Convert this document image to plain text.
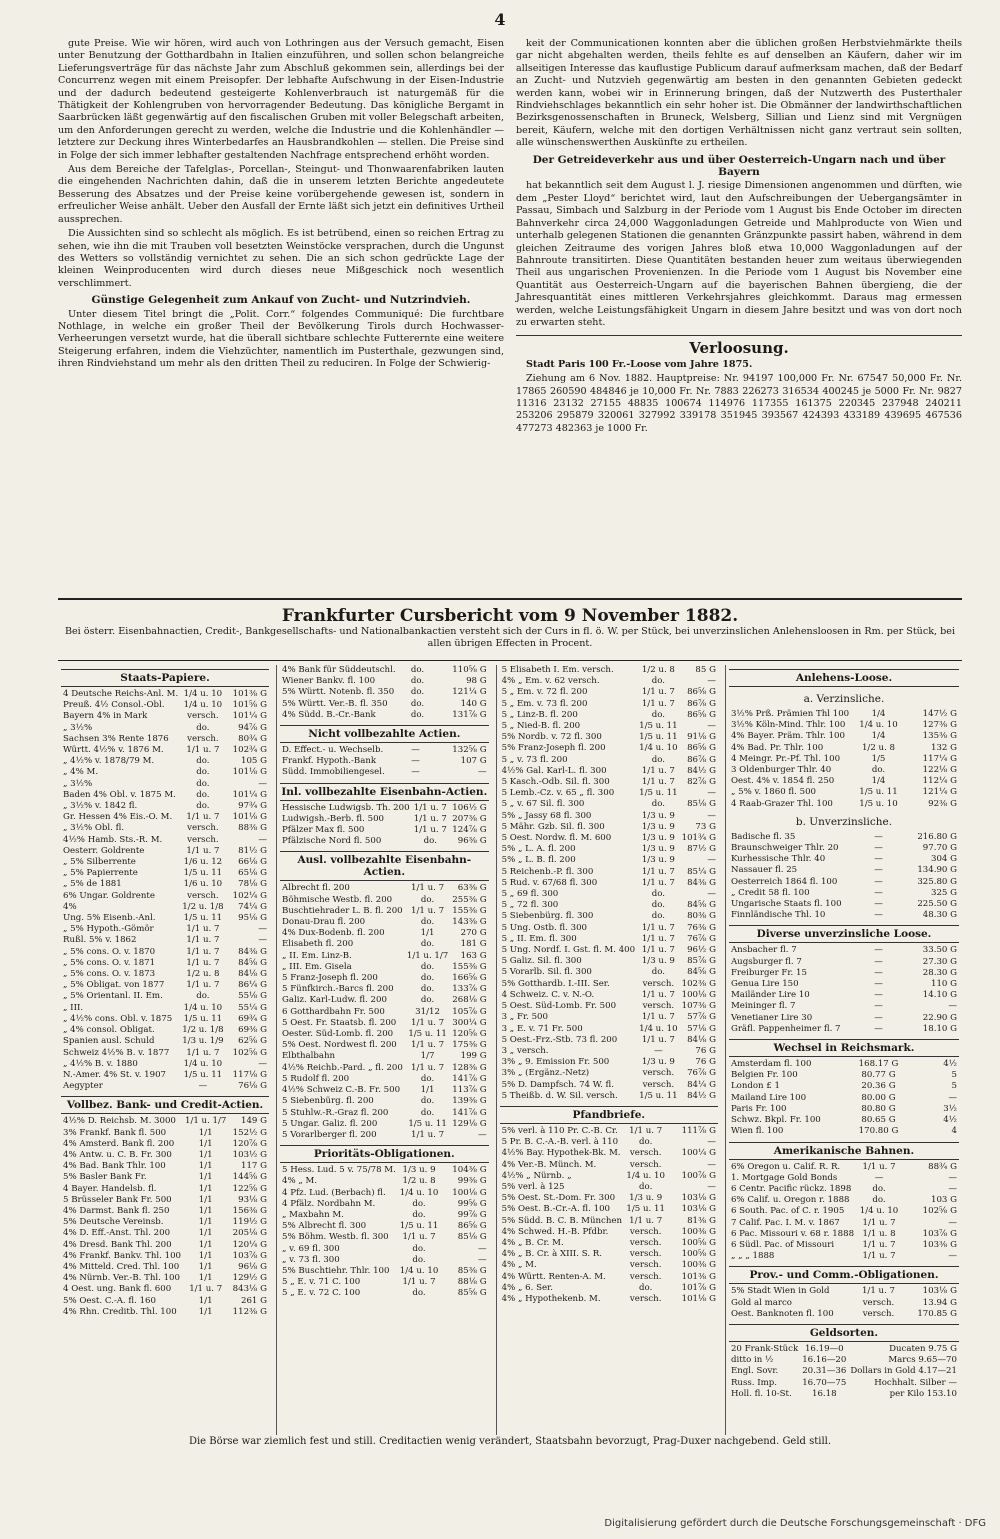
4

gute Preise. Wie wir hören, wird auch von Lothringen aus der Versuch gemacht, Eisen unter Benutzung der Gotthardbahn in Italien einzuführen, und sollen schon belangreiche Lieferungsverträge für das nächste Jahr zum Abschluß gekommen sein, allerdings bei der Concurrenz wegen mit einem Preisopfer. Der lebhafte Aufschwung in der Eisen-Industrie und der dadurch bedeutend gesteigerte Kohlenverbrauch ist naturgemäß für die Thätigkeit der Kohlengruben von hervorragender Bedeutung. Das königliche Bergamt in Saarbrücken läßt gegenwärtig auf den fiscalischen Gruben mit voller Belegschaft arbeiten, um den Anforderungen gerecht zu werden, welche die Industrie und die Kohlenhändler — letztere zur Deckung ihres Winterbedarfes an Hausbrandkohlen — stellen. Die Preise sind in Folge der sich immer lebhafter gestaltenden Nachfrage entsprechend erhöht worden.

Aus dem Bereiche der Tafelglas-, Porcellan-, Steingut- und Thonwaarenfabriken lauten die eingehenden Nachrichten dahin, daß die in unserem letzten Berichte angedeutete Besserung des Absatzes und der Preise keine vorübergehende gewesen ist, sondern in erfreulicher Weise anhält. Ueber den Ausfall der Ernte läßt sich jetzt ein definitives Urtheil aussprechen.

Die Aussichten sind so schlecht als möglich. Es ist betrübend, einen so reichen Ertrag zu sehen, wie ihn die mit Trauben voll besetzten Weinstöcke versprachen, durch die Ungunst des Wetters so vollständig vernichtet zu sehen. Die an sich schon gedrückte Lage der kleinen Weinproducenten wird durch dieses neue Mißgeschick noch wesentlich verschlimmert.

Günstige Gelegenheit zum Ankauf von Zucht- und Nutzrindvieh.

Unter diesem Titel bringt die „Polit. Corr.“ folgendes Communiqué: Die furchtbare Nothlage, in welche ein großer Theil der Bevölkerung Tirols durch Hochwasser-Verheerungen versetzt wurde, hat die überall sichtbare schlechte Futterernte eine weitere Steigerung erfahren, indem die Viehzüchter, namentlich im Pusterthale, gezwungen sind, ihren Rindviehstand um mehr als den dritten Theil zu reduciren. In Folge der Schwierig-

keit der Communicationen konnten aber die üblichen großen Herbstviehmärkte theils gar nicht abgehalten werden, theils fehlte es auf denselben an Käufern, daher wir im allseitigen Interesse das kauflustige Publicum darauf aufmerksam machen, daß der Bedarf an Zucht- und Nutzvieh gegenwärtig am besten in den genannten Gebieten gedeckt werden kann, wobei wir in Erinnerung bringen, daß der Nutzwerth des Pusterthaler Rindviehschlages bekanntlich ein sehr hoher ist. Die Obmänner der landwirthschaftlichen Bezirksgenossenschaften in Bruneck, Welsberg, Sillian und Lienz sind mit Vergnügen bereit, Käufern, welche mit den dortigen Verhältnissen nicht ganz vertraut sein sollten, alle wünschenswerthen Auskünfte zu ertheilen.

Der Getreideverkehr aus und über Oesterreich-Ungarn nach und über Bayern

hat bekanntlich seit dem August l. J. riesige Dimensionen angenommen und dürften, wie dem „Pester Lloyd“ berichtet wird, laut den Aufschreibungen der Uebergangsämter in Passau, Simbach und Salzburg in der Periode vom 1 August bis Ende October im directen Bahnverkehr circa 24,000 Waggonladungen Getreide und Mahlproducte von Wien und unterhalb gelegenen Stationen die genannten Gränzpunkte passirt haben, während in dem gleichen Zeitraume des vorigen Jahres bloß etwa 10,000 Waggonladungen auf der Bahnroute transitirten. Diese Quantitäten bestanden heuer zum weitaus überwiegenden Theil aus ungarischen Provenienzen. In die Periode vom 1 August bis November eine Quantität aus Oesterreich-Ungarn auf die bayerischen Bahnen übergieng, die der Jahresquantität eines mittleren Verkehrsjahres gleichkommt. Daraus mag ermessen werden, welche Leistungsfähigkeit Ungarn in diesem Jahre besitzt und was von dort noch zu erwarten steht.

Verloosung.

Stadt Paris 100 Fr.-Loose vom Jahre 1875.

Ziehung am 6 Nov. 1882. Hauptpreise: Nr. 94197 100,000 Fr. Nr. 67547 50,000 Fr. Nr. 17865 260590 484846 je 10,000 Fr. Nr. 7883 226273 316534 400245 je 5000 Fr. Nr. 9827 11316 23132 27155 48835 100674 114976 117355 161375 220345 237948 240211 253206 295879 320061 327992 339178 351945 393567 424393 433189 439695 467536 477273 482363 je 1000 Fr.

Frankfurter Cursbericht vom 9 November 1882.
Bei österr. Eisenbahnactien, Credit-, Bankgesellschafts- und Nationalbankactien versteht sich der Curs in fl. ö. W. per Stück, bei unverzinslichen Anlehensloosen in Rm. per Stück, bei allen übrigen Effecten in Procent.
Staats-Papiere.
4 Deutsche Reichs-Anl. M.	1/4 u. 10	101⅜ G
Preuß. 4½ Consol.-Obl.	1/4 u. 10	101⅝ G
Bayern 4% in Mark	versch.	101¼ G
„ 3½%	do.	94⅞ G
Sachsen 3% Rente 1876	versch.	80¾ G
Württ. 4½% v. 1876 M.	1/1 u. 7	102¾ G
„ 4½% v. 1878/79 M.	do.	105 G
„ 4% M.	do.	101⅛ G
„ 3½%	do.	—
Baden 4% Obl. v. 1875 M.	do.	101¼ G
„ 3½% v. 1842 fl.	do.	97¾ G
Gr. Hessen 4% Eis.-O. M.	1/1 u. 7	101⅛ G
„ 3½% Obl. fl.	versch.	88⅜ G
4½% Hamb. Sts.-R. M.	versch.	—
Oesterr. Goldrente	1/1 u. 7	81½ G
„ 5% Silberrente	1/6 u. 12	66⅛ G
„ 5% Papierrente	1/5 u. 11	65⅛ G
„ 5% de 1881	1/6 u. 10	78⅛ G
6% Ungar. Goldrente	versch.	102¼ G
4%	1/2 u. 1/8	74¼ G
Ung. 5% Eisenb.-Anl.	1/5 u. 11	95⅛ G
„ 5% Hypoth.-Gömör	1/1 u. 7	—
Rußl. 5% v. 1862	1/1 u. 7	—
„ 5% cons. O. v. 1870	1/1 u. 7	84⅜ G
„ 5% cons. O. v. 1871	1/1 u. 7	84⅝ G
„ 5% cons. O. v. 1873	1/2 u. 8	84⅛ G
„ 5% Obligat. von 1877	1/1 u. 7	86¼ G
„ 5% Orientanl. II. Em.	do.	55⅛ G
„ III.	1/4 u. 10	55¼ G
„ 4½% cons. Obl. v. 1875	1/5 u. 11	69¾ G
„ 4% consol. Obligat.	1/2 u. 1/8	69⅜ G
Spanien ausl. Schuld	1/3 u. 1/9	62⅝ G
Schweiz 4½% B. v. 1877	1/1 u. 7	102⅝ G
„ 4½% B. v. 1880	1/4 u. 10	—
N.-Amer. 4% St. v. 1907	1/5 u. 11	117⅛ G
Aegypter	—	76⅛ G
Vollbez. Bank- und Credit-Actien.
4½% D. Reichsb. M. 3000	1/1 u. 1/7	149 G
3% Frankf. Bank fl. 500	1/1	152½ G
4% Amsterd. Bank fl. 200	1/1	120⅞ G
4% Antw. u. C. B. Fr. 300	1/1	103½ G
4% Bad. Bank Thlr. 100	1/1	117 G
5% Basler Bank Fr.	1/1	144⅝ G
4 Bayer. Handelsb. fl.	1/1	122⅝ G
5 Brüsseler Bank Fr. 500	1/1	93⅛ G
4% Darmst. Bank fl. 250	1/1	156⅜ G
5% Deutsche Vereinsb.	1/1	119½ G
4% D. Eff.-Anst. Thl. 200	1/1	205⅛ G
4% Dresd. Bank Thl. 200	1/1	120¼ G
4% Frankf. Bankv. Thl. 100	1/1	103⅞ G
4% Mitteld. Cred. Thl. 100	1/1	96⅛ G
4% Nürnb. Ver.-B. Thl. 100	1/1	129½ G
4 Oest. ung. Bank fl. 600	1/1 u. 7	843⅛ G
5% Oest. C.-A. fl. 160	1/1	261 G
4% Rhn. Creditb. Thl. 100	1/1	112⅜ G
4% Bank für Süddeutschl.	do.	110⅝ G
Wiener Bankv. fl. 100	do.	98 G
5% Württ. Notenb. fl. 350	do.	121¼ G
5% Württ. Ver.-B. fl. 350	do.	140 G
4% Südd. B.-Cr.-Bank	do.	131⅞ G
Nicht vollbezahlte Actien.
D. Effect.- u. Wechselb.	—	132⅝ G
Frankf. Hypoth.-Bank	—	107 G
Südd. Immobiliengesel.	—	—
Inl. vollbezahlte Eisenbahn-Actien.
Hessische Ludwigsb. Th. 200	1/1 u. 7	106½ G
Ludwigsh.-Berb. fl. 500	1/1 u. 7	207⅜ G
Pfälzer Max fl. 500	1/1 u. 7	124⅞ G
Pfälzische Nord fl. 500	do.	96⅜ G
Ausl. vollbezahlte Eisenbahn-Actien.
Albrecht fl. 200	1/1 u. 7	63⅜ G
Böhmische Westb. fl. 200	do.	255⅜ G
Buschtiehrader L. B. fl. 200	1/1 u. 7	155⅜ G
Donau-Drau fl. 200	do.	143⅜ G
4% Dux-Bodenb. fl. 200	1/1	270 G
Elisabeth fl. 200	do.	181 G
„ II. Em. Linz-B.	1/1 u. 1/7	163 G
„ III. Em. Gisela	do.	155⅜ G
5 Franz-Joseph fl. 200	do.	166⅝ G
5 Fünfkirch.-Barcs fl. 200	do.	133⅞ G
Galiz. Karl-Ludw. fl. 200	do.	268⅛ G
6 Gotthardbahn Fr. 500	31/12	105⅞ G
5 Oest. Fr. Staatsb. fl. 200	1/1 u. 7	300¼ G
Oester. Süd-Lomb. fl. 200	1/5 u. 11	120⅝ G
5% Oest. Nordwest fl. 200	1/1 u. 7	175⅜ G
Elbthalbahn	1/7	199 G
4½% Reichb.-Pard. „ fl. 200	1/1 u. 7	128⅜ G
5 Rudolf fl. 200	do.	141⅞ G
4½% Schweiz C.-B. Fr. 500	1/1	113⅞ G
5 Siebenbürg. fl. 200	do.	139⅜ G
5 Stuhlw.-R.-Graz fl. 200	do.	141⅞ G
5 Ungar. Galiz. fl. 200	1/5 u. 11	129⅛ G
5 Vorarlberger fl. 200	1/1 u. 7	—
Prioritäts-Obligationen.
5 Hess. Lud. 5 v. 75/78 M.	1/3 u. 9	104⅜ G
4% „ M.	1/2 u. 8	99⅜ G
4 Pfz. Lud. (Berbach) fl.	1/4 u. 10	100⅛ G
4 Pfälz. Nordbahn M.	do.	99⅝ G
„ Maxbahn M.	do.	99⅞ G
5% Albrecht fl. 300	1/5 u. 11	86⅝ G
5% Böhm. Westb. fl. 300	1/1 u. 7	85⅛ G
„ v. 69 fl. 300	do.	—
„ v. 73 fl. 300	do.	—
5% Buschtiehr. Thlr. 100	1/4 u. 10	85⅜ G
5 „ E. v. 71 C. 100	1/1 u. 7	88⅛ G
5 „ E. v. 72 C. 100	do.	85⅝ G
5 Elisabeth I. Em. versch.	1/2 u. 8	85 G
4% „ Em. v. 62 versch.	do.	—
5 „ Em. v. 72 fl. 200	1/1 u. 7	86⅝ G
5 „ Em. v. 73 fl. 200	1/1 u. 7	86⅞ G
5 „ Linz-B. fl. 200	do.	86⅝ G
5 „ Nied-B. fl. 200	1/5 u. 11	—
5% Nordb. v. 72 fl. 300	1/5 u. 11	91⅛ G
5% Franz-Joseph fl. 200	1/4 u. 10	86⅝ G
5 „ v. 73 fl. 200	do.	86⅞ G
4½% Gal. Karl-L. fl. 300	1/1 u. 7	84½ G
5 Kasch.-Odb. Sil. fl. 300	1/1 u. 7	82⅞ G
5 Lemb.-Cz. v. 65 „ fl. 300	1/5 u. 11	—
5 „ v. 67 Sil. fl. 300	do.	85⅛ G
5% „ Jassy 68 fl. 300	1/3 u. 9	—
5 Mähr. Gzb. Sil. fl. 300	1/3 u. 9	73 G
5 Oest. Nordw. fl. M. 600	1/3 u. 9	101¾ G
5% „ L. A. fl. 200	1/3 u. 9	87½ G
5% „ L. B. fl. 200	1/3 u. 9	—
5 Reichenb.-P. fl. 300	1/1 u. 7	85¼ G
5 Rud. v. 67/68 fl. 300	1/1 u. 7	84⅜ G
5 „ 69 fl. 300	do.	—
5 „ 72 fl. 300	do.	84⅝ G
5 Siebenbürg. fl. 300	do.	80⅜ G
5 Ung. Ostb. fl. 300	1/1 u. 7	76⅜ G
5 „ II. Em. fl. 300	1/1 u. 7	76⅞ G
5 Ung. Nordf. I. Gst. fl. M. 400	1/1 u. 7	96½ G
5 Galiz. Sil. fl. 300	1/3 u. 9	85⅞ G
5 Vorarlb. Sil. fl. 300	do.	84⅝ G
5% Gotthardb. I.-III. Ser.	versch.	102⅜ G
4 Schweiz. C. v. N.-O.	1/1 u. 7	100⅛ G
5 Oest. Süd-Lomb. Fr. 500	versch.	107⅜ G
3 „ Fr. 500	1/1 u. 7	57⅞ G
3 „ E. v. 71 Fr. 500	1/4 u. 10	57⅛ G
5 Oest.-Frz.-Stb. 73 fl. 200	1/1 u. 7	84⅛ G
3 „ versch.	—	76 G
3% „ 9. Emission Fr. 500	1/3 u. 9	76 G
3% „ (Ergänz.-Netz)	versch.	76⅞ G
5% D. Dampfsch. 74 W. fl.	versch.	84¼ G
5 Theißb. d. W. Sil. versch.	1/5 u. 11	84½ G
Pfandbriefe.
5% verl. à 110 Pr. C.-B. Cr.	1/1 u. 7	111⅞ G
5 Pr. B. C.-A.-B. verl. à 110	do.	—
4½% Bay. Hypothek-Bk. M.	versch.	100¼ G
4% Ver.-B. Münch. M.	versch.	—
4½% „ Nürnb. „	1/4 u. 10	100⅞ G
5% verl. à 125	do.	—
5% Oest. St.-Dom. Fr. 300	1/3 u. 9	103⅛ G
5% Oest. B.-Cr.-A. fl. 100	1/5 u. 11	103⅛ G
5% Südd. B. C. B. München	1/1 u. 7	81⅜ G
4% Schwed. H.-B. Pfdbr.	versch.	100⅜ G
4% „ B. Cr. M.	versch.	100⅝ G
4% „ B. Cr. à XIII. S. R.	versch.	100⅝ G
4% „ M.	versch.	100⅜ G
4% Württ. Renten-A. M.	versch.	101⅜ G
4% „ 6. Ser.	do.	101⅞ G
4% „ Hypothekenb. M.	versch.	101⅛ G
Anlehens-Loose.
a. Verzinsliche.
3½% Prß. Prämien Thl 100	1/4	147½ G
3½% Köln-Mind. Thlr. 100	1/4 u. 10	127⅜ G
4% Bayer. Präm. Thlr. 100	1/4	135⅜ G
4% Bad. Pr. Thlr. 100	1/2 u. 8	132 G
4 Meingr. Pr.-Pf. Thl. 100	1/5	117¼ G
3 Oldenburger Thlr. 40	do.	122⅛ G
Oest. 4% v. 1854 fl. 250	1/4	112¼ G
„ 5% v. 1860 fl. 500	1/5 u. 11	121¼ G
4 Raab-Grazer Thl. 100	1/5 u. 10	92⅜ G
b. Unverzinsliche.
Badische fl. 35	—	216.80 G
Braunschweiger Thlr. 20	—	97.70 G
Kurhessische Thlr. 40	—	304 G
Nassauer fl. 25	—	134.90 G
Oesterreich 1864 fl. 100	—	325.80 G
„ Credit 58 fl. 100	—	325 G
Ungarische Staats fl. 100	—	225.50 G
Finnländische Thl. 10	—	48.30 G
Diverse unverzinsliche Loose.
Ansbacher fl. 7	—	33.50 G
Augsburger fl. 7	—	27.30 G
Freiburger Fr. 15	—	28.30 G
Genua Lire 150	—	110 G
Mailänder Lire 10	—	14.10 G
Meininger fl. 7	—	—
Venetianer Lire 30	—	22.90 G
Gräfl. Pappenheimer fl. 7	—	18.10 G
Wechsel in Reichsmark.
Amsterdam fl. 100	168.17 G	4½
Belgien Fr. 100	80.77 G	5
London £ 1	20.36 G	5
Mailand Lire 100	80.00 G	—
Paris Fr. 100	80.80 G	3½
Schwz. Bkpl. Fr. 100	80.65 G	4½
Wien fl. 100	170.80 G	4
Amerikanische Bahnen.
6% Oregon u. Calif. R. R.	1/1 u. 7	88¾ G
1. Mortgage Gold Bonds	—	—
6 Centr. Pacific rückz. 1898	do.	—
6% Calif. u. Oregon r. 1888	do.	103 G
6 South. Pac. of C. r. 1905	1/4 u. 10	102⅝ G
7 Calif. Pac. I. M. v. 1867	1/1 u. 7	—
6 Pac. Missouri v. 68 r. 1888	1/1 u. 8	103⅞ G
6 Südl. Pac. of Missouri	1/1 u. 7	103⅜ G
„ „ „ 1888	1/1 u. 7	—
Prov.- und Comm.-Obligationen.
5% Stadt Wien in Gold	1/1 u. 7	103⅛ G
Gold al marco	versch.	13.94 G
Oest. Banknoten fl. 100	versch.	170.85 G
Geldsorten.
20 Frank-Stück	16.19—0	Ducaten 9.75 G
ditto in ½	16.16—20	Marcs 9.65—70
Engl. Sovr.	20.31—36	Dollars in Gold 4.17—21
Russ. Imp.	16.70—75	Hochhalt. Silber —
Holl. fl. 10-St.	16.18	per Kilo 153.10
Die Börse war ziemlich fest und still. Creditactien wenig verändert, Staatsbahn bevorzugt, Prag-Duxer nachgebend. Geld still.
Digitalisierung gefördert durch die Deutsche Forschungsgemeinschaft · DFG
